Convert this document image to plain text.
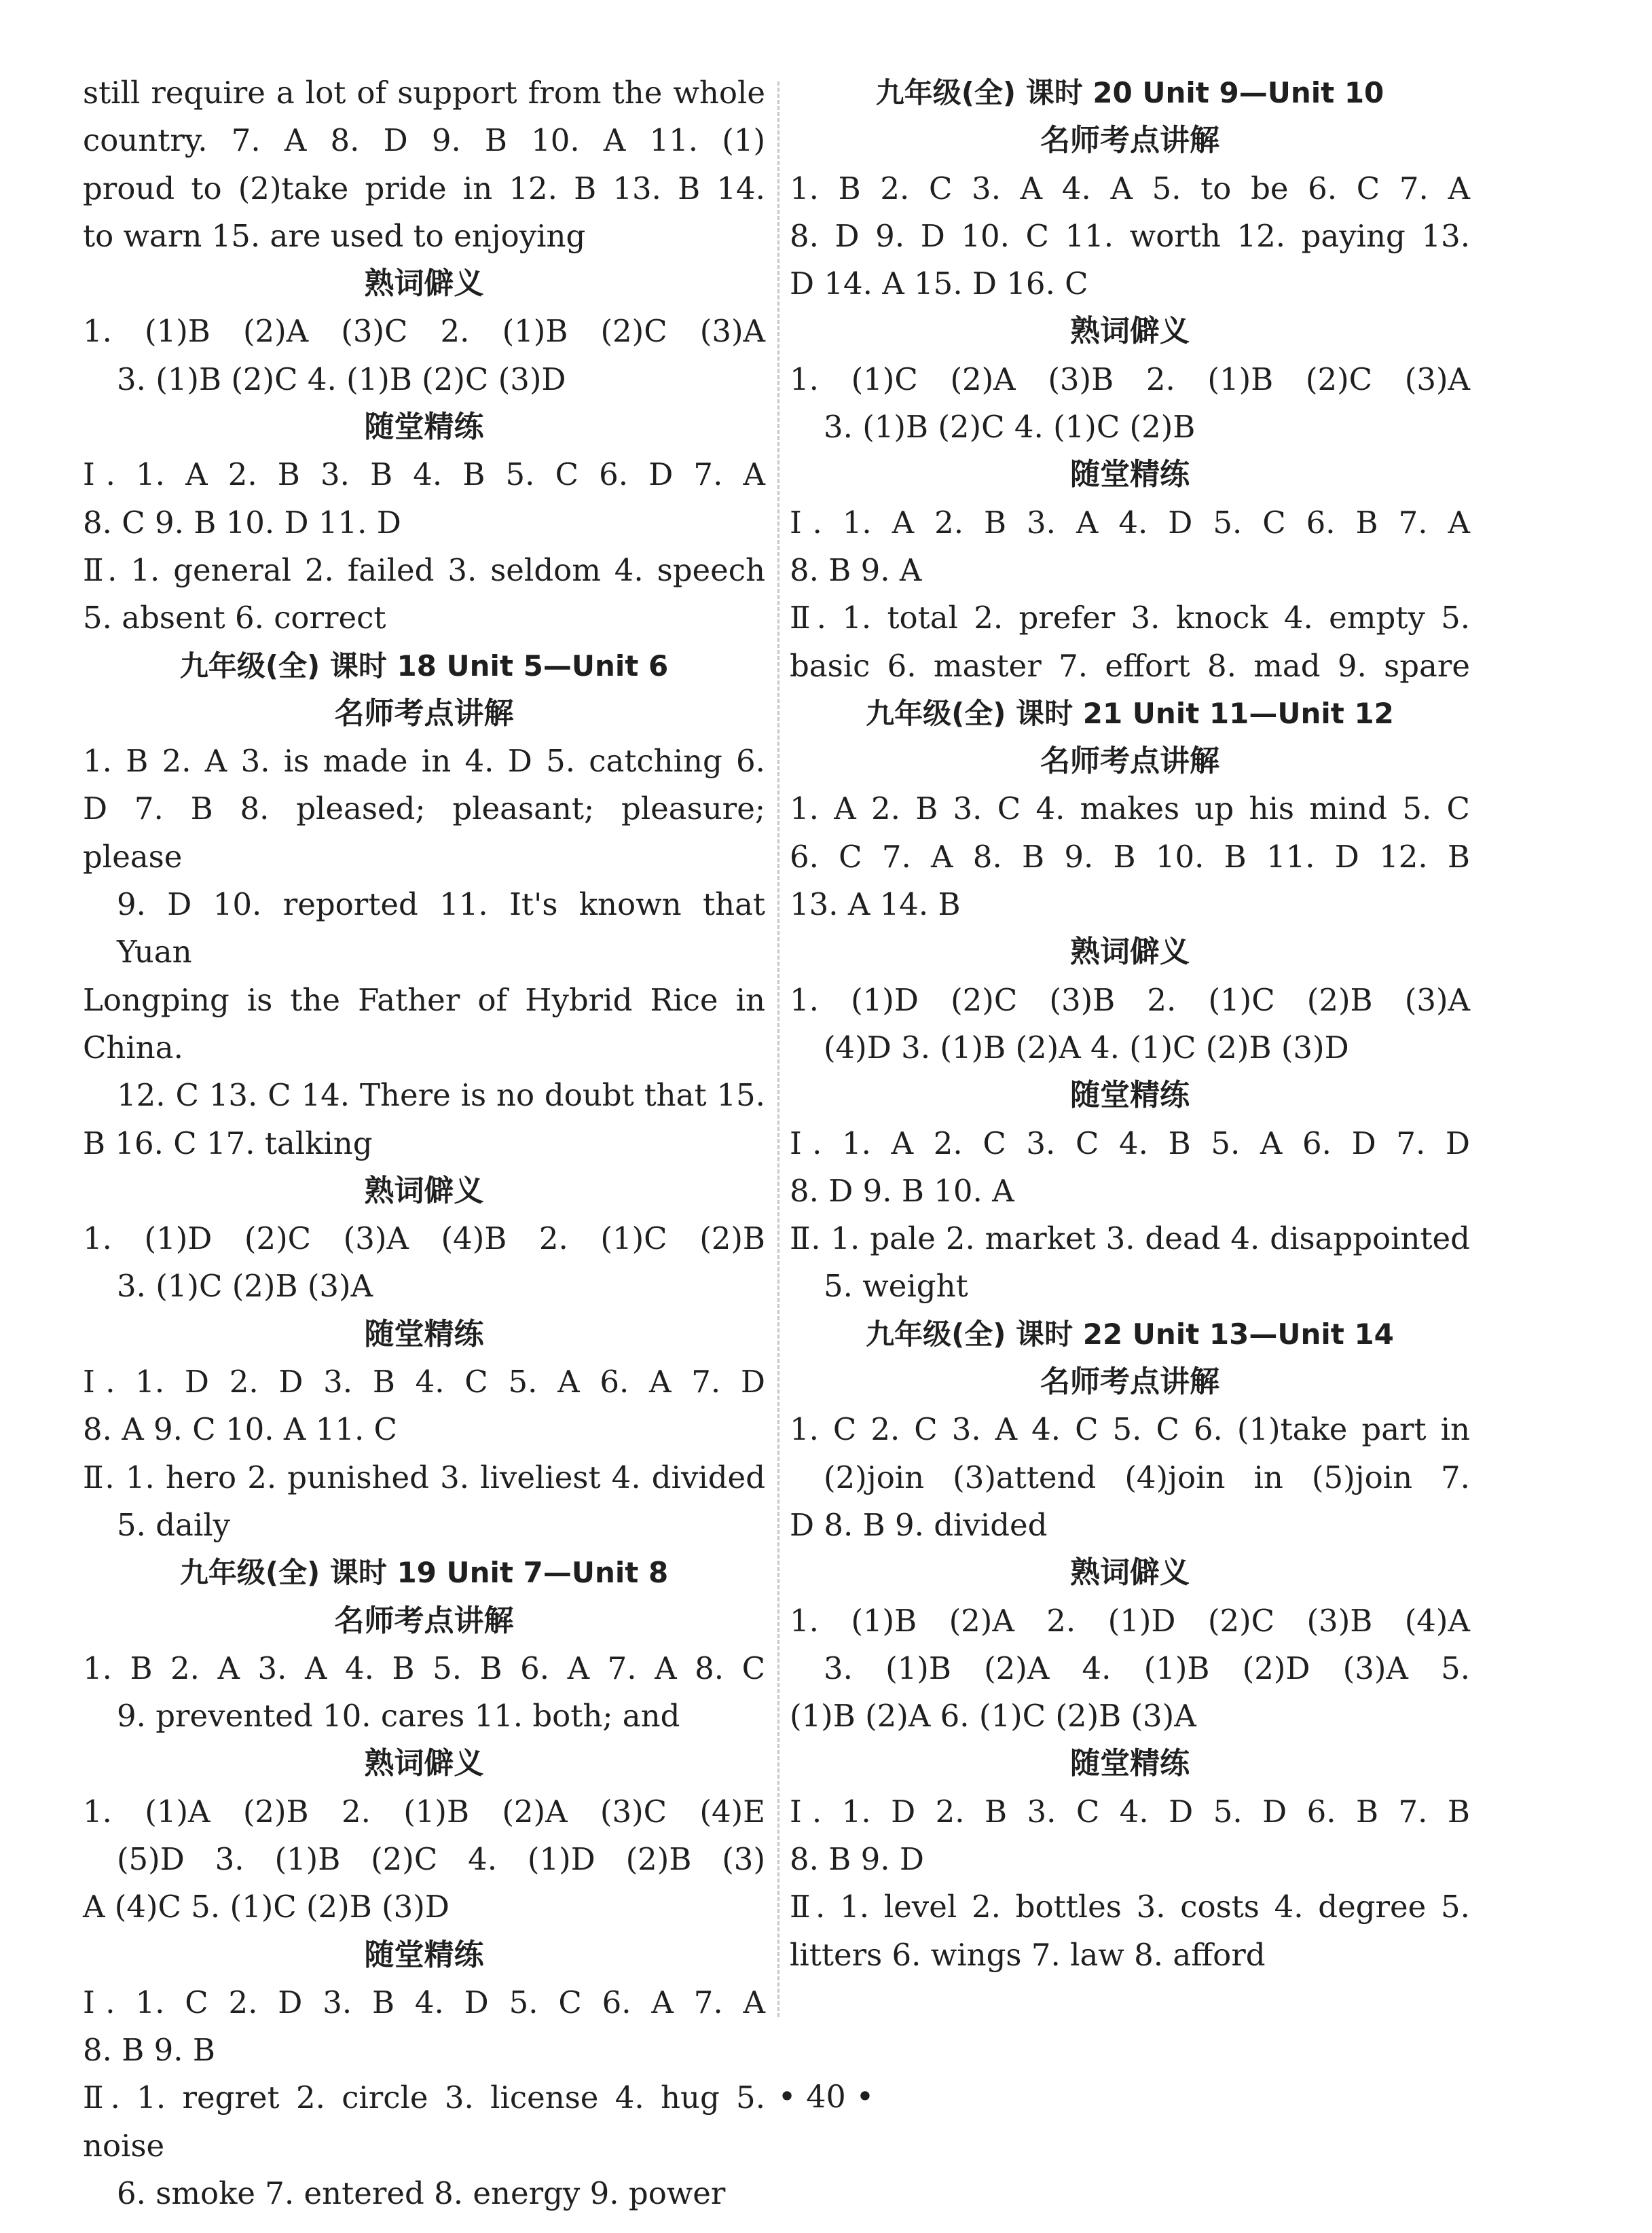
still require a lot of support from the whole
country. 7. A 8. D 9. B 10. A 11. (1)
proud to (2)take pride in 12. B 13. B 14.
to warn 15. are used to enjoying
熟词僻义
1. (1)B (2)A (3)C 2. (1)B (2)C (3)A
3. (1)B (2)C 4. (1)B (2)C (3)D
随堂精练
Ⅰ. 1. A 2. B 3. B 4. B 5. C 6. D 7. A
8. C 9. B 10. D 11. D
Ⅱ. 1. general 2. failed 3. seldom 4. speech
5. absent 6. correct
九年级(全) 课时 18 Unit 5—Unit 6
名师考点讲解
1. B 2. A 3. is made in 4. D 5. catching 6.
D 7. B 8. pleased; pleasant; pleasure; please
9. D 10. reported 11. It's known that Yuan
Longping is the Father of Hybrid Rice in China.
12. C 13. C 14. There is no doubt that 15.
B 16. C 17. talking
熟词僻义
1. (1)D (2)C (3)A (4)B 2. (1)C (2)B
3. (1)C (2)B (3)A
随堂精练
Ⅰ. 1. D 2. D 3. B 4. C 5. A 6. A 7. D
8. A 9. C 10. A 11. C
Ⅱ. 1. hero 2. punished 3. liveliest 4. divided
5. daily
九年级(全) 课时 19 Unit 7—Unit 8
名师考点讲解
1. B 2. A 3. A 4. B 5. B 6. A 7. A 8. C
9. prevented 10. cares 11. both; and
熟词僻义
1. (1)A (2)B 2. (1)B (2)A (3)C (4)E
(5)D 3. (1)B (2)C 4. (1)D (2)B (3)
A (4)C 5. (1)C (2)B (3)D
随堂精练
Ⅰ. 1. C 2. D 3. B 4. D 5. C 6. A 7. A
8. B 9. B
Ⅱ. 1. regret 2. circle 3. license 4. hug 5. noise
6. smoke 7. entered 8. energy 9. power
九年级(全) 课时 20 Unit 9—Unit 10
名师考点讲解
1. B 2. C 3. A 4. A 5. to be 6. C 7. A
8. D 9. D 10. C 11. worth 12. paying 13.
D 14. A 15. D 16. C
熟词僻义
1. (1)C (2)A (3)B 2. (1)B (2)C (3)A
3. (1)B (2)C 4. (1)C (2)B
随堂精练
Ⅰ. 1. A 2. B 3. A 4. D 5. C 6. B 7. A
8. B 9. A
Ⅱ. 1. total 2. prefer 3. knock 4. empty 5.
basic 6. master 7. effort 8. mad 9. spare
九年级(全) 课时 21 Unit 11—Unit 12
名师考点讲解
1. A 2. B 3. C 4. makes up his mind 5. C
6. C 7. A 8. B 9. B 10. B 11. D 12. B
13. A 14. B
熟词僻义
1. (1)D (2)C (3)B 2. (1)C (2)B (3)A
(4)D 3. (1)B (2)A 4. (1)C (2)B (3)D
随堂精练
Ⅰ. 1. A 2. C 3. C 4. B 5. A 6. D 7. D
8. D 9. B 10. A
Ⅱ. 1. pale 2. market 3. dead 4. disappointed
5. weight
九年级(全) 课时 22 Unit 13—Unit 14
名师考点讲解
1. C 2. C 3. A 4. C 5. C 6. (1)take part in
(2)join (3)attend (4)join in (5)join 7.
D 8. B 9. divided
熟词僻义
1. (1)B (2)A 2. (1)D (2)C (3)B (4)A
3. (1)B (2)A 4. (1)B (2)D (3)A 5.
(1)B (2)A 6. (1)C (2)B (3)A
随堂精练
Ⅰ. 1. D 2. B 3. C 4. D 5. D 6. B 7. B
8. B 9. D
Ⅱ. 1. level 2. bottles 3. costs 4. degree 5.
litters 6. wings 7. law 8. afford
• 40 •
